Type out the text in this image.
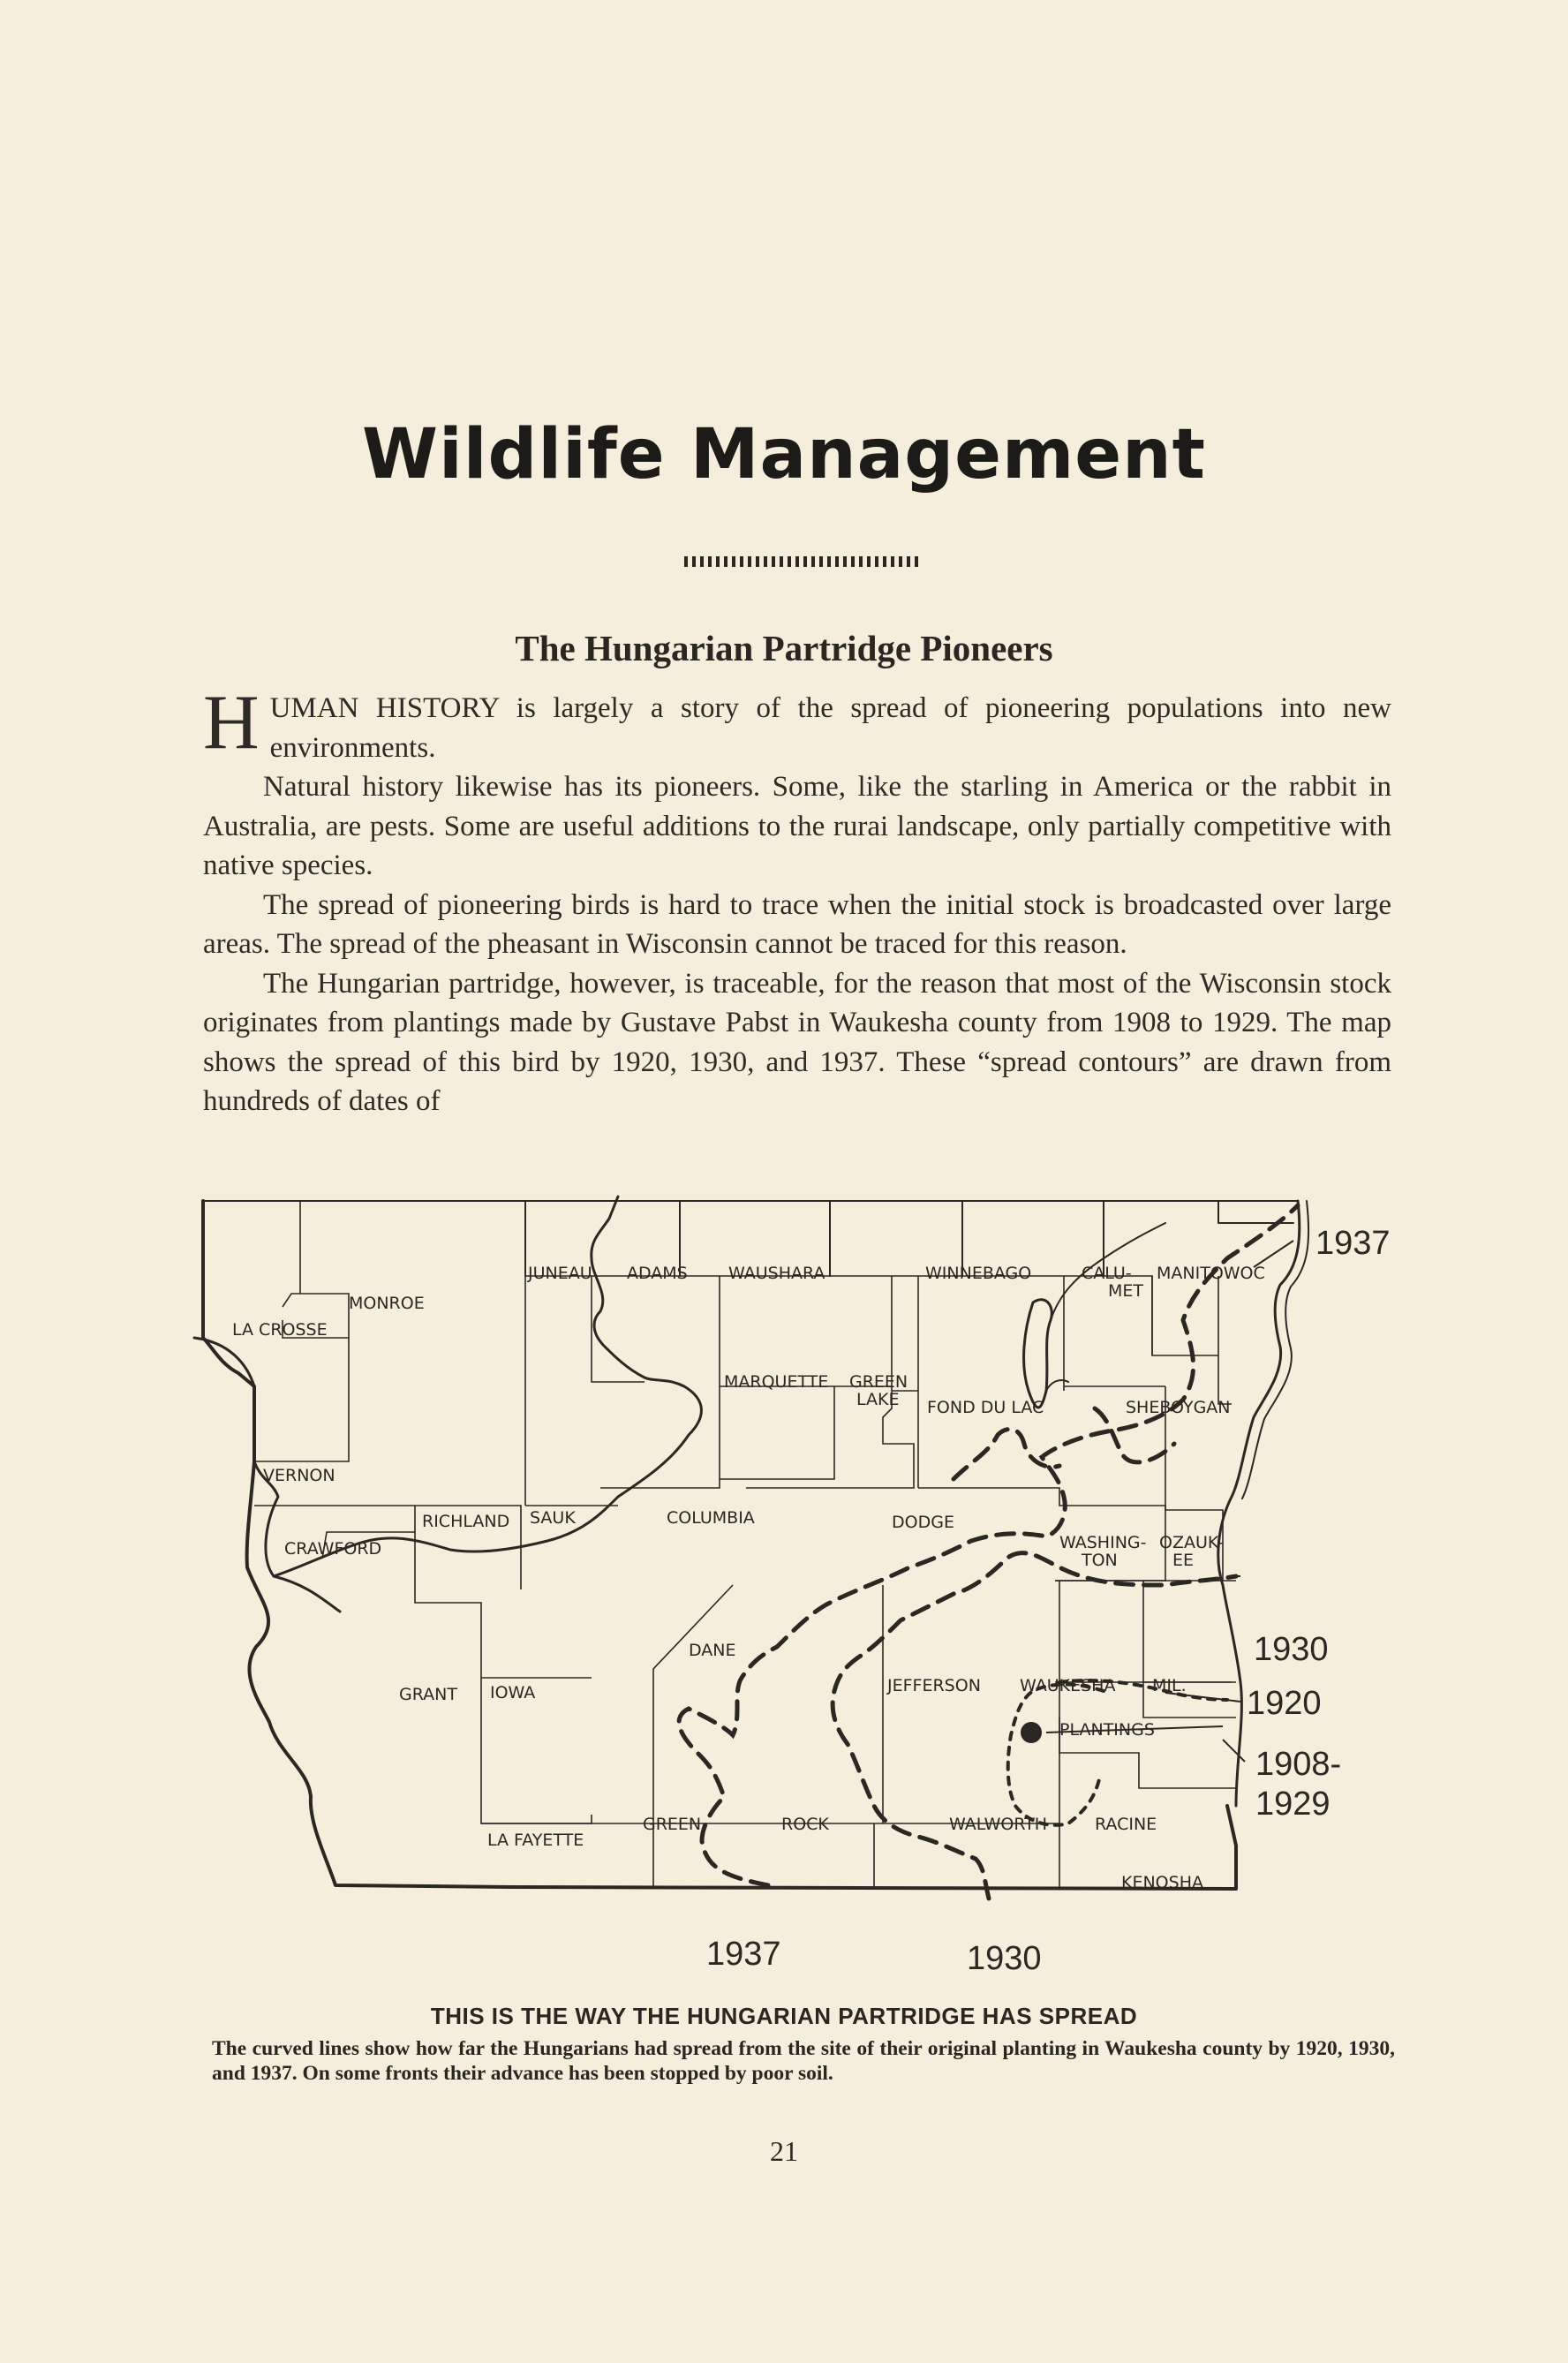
Wildlife Management
The Hungarian Partridge Pioneers

HUMAN HISTORY is largely a story of the spread of pioneering populations into new environments.

Natural history likewise has its pioneers. Some, like the starling in America or the rabbit in Australia, are pests. Some are useful additions to the rurai landscape, only partially competitive with native species.

The spread of pioneering birds is hard to trace when the initial stock is broadcasted over large areas. The spread of the pheasant in Wisconsin cannot be traced for this reason.

The Hungarian partridge, however, is traceable, for the reason that most of the Wisconsin stock originates from plantings made by Gustave Pabst in Waukesha county from 1908 to 1929. The map shows the spread of this bird by 1920, 1930, and 1937. These “spread contours” are drawn from hundreds of dates of

MONROE
LA CROSSE
VERNON
CRAWFORD
RICHLAND
GRANT IOWA
LA FAYETTE
GREEN	ROCK	WALWORTH	RACINE
KENOSHA
JUNEAU ADAMS WAUSHARA
MARQUETTE GREEN
LAKE
WINNEBAGO	CALU-
MET
MANITOWOC
FOND DU LAC	SHEBOYGAN
SAUK	COLUMBIA	DODGE
WASHING-
TON
OZAUK-
EE
DANE
JEFFERSON WAUKESHA MIL.
PLANTINGS
1937
1930
1920
1908-
1929
1937	1930
THIS IS THE WAY THE HUNGARIAN PARTRIDGE HAS SPREAD

The curved lines show how far the Hungarians had spread from the site of their original planting in Waukesha county by 1920, 1930, and 1937. On some fronts their advance has been stopped by poor soil.

21
